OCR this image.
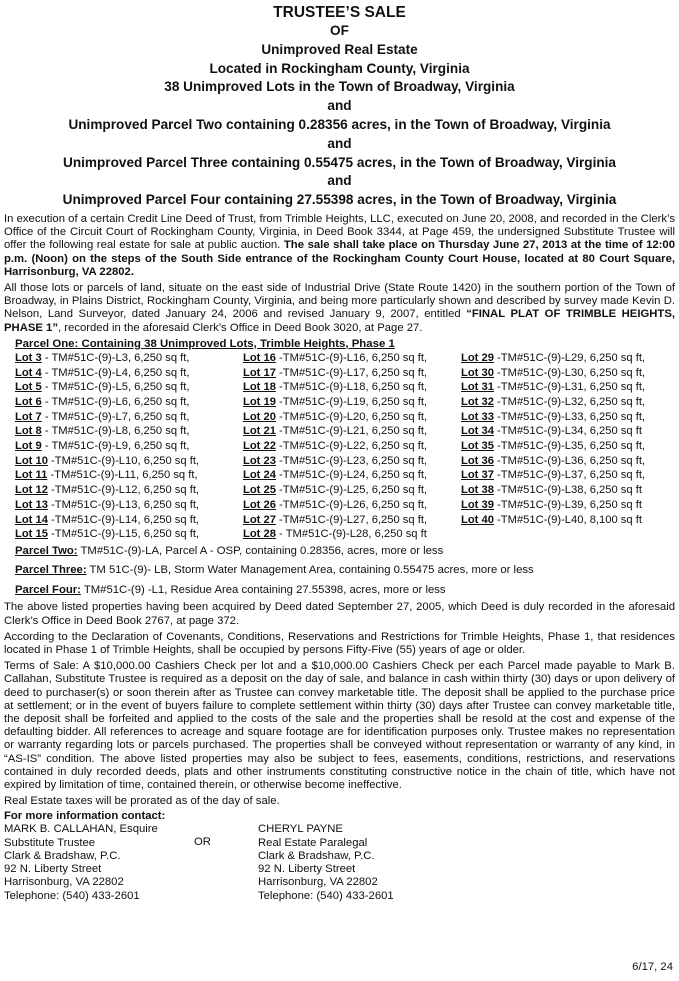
TRUSTEE’S SALE
OF
Unimproved Real Estate
Located in Rockingham County, Virginia
38 Unimproved Lots in the Town of Broadway, Virginia
and
Unimproved Parcel Two containing 0.28356 acres, in the Town of Broadway, Virginia
and
Unimproved Parcel Three containing 0.55475 acres, in the Town of Broadway, Virginia
and
Unimproved Parcel Four containing 27.55398 acres, in the Town of Broadway, Virginia

In execution of a certain Credit Line Deed of Trust, from Trimble Heights, LLC, executed on June 20, 2008, and recorded in the Clerk’s Office of the Circuit Court of Rockingham County, Virginia, in Deed Book 3344, at Page 459, the undersigned Substitute Trustee will offer the following real estate for sale at public auction. The sale shall take place on Thursday June 27, 2013 at the time of 12:00 p.m. (Noon) on the steps of the South Side entrance of the Rockingham County Court House, located at 80 Court Square, Harrisonburg, VA 22802.

All those lots or parcels of land, situate on the east side of Industrial Drive (State Route 1420) in the southern portion of the Town of Broadway, in Plains District, Rockingham County, Virginia, and being more particularly shown and described by survey made Kevin D. Nelson, Land Surveyor, dated January 24, 2006 and revised January 9, 2007, entitled “FINAL PLAT OF TRIMBLE HEIGHTS, PHASE 1”, recorded in the aforesaid Clerk’s Office in Deed Book 3020, at Page 27.

Parcel One: Containing 38 Unimproved Lots, Trimble Heights, Phase 1
Lot 3 - TM#51C-(9)-L3, 6,250 sq ft,	Lot 16 -TM#51C-(9)-L16, 6,250 sq ft,	Lot 29 -TM#51C-(9)-L29, 6,250 sq ft,
Lot 4 - TM#51C-(9)-L4, 6,250 sq ft,	Lot 17 -TM#51C-(9)-L17, 6,250 sq ft,	Lot 30 -TM#51C-(9)-L30, 6,250 sq ft,
Lot 5 - TM#51C-(9)-L5, 6,250 sq ft,	Lot 18 -TM#51C-(9)-L18, 6,250 sq ft,	Lot 31 -TM#51C-(9)-L31, 6,250 sq ft,
Lot 6 - TM#51C-(9)-L6, 6,250 sq ft,	Lot 19 -TM#51C-(9)-L19, 6,250 sq ft,	Lot 32 -TM#51C-(9)-L32, 6,250 sq ft,
Lot 7 - TM#51C-(9)-L7, 6,250 sq ft,	Lot 20 -TM#51C-(9)-L20, 6,250 sq ft,	Lot 33 -TM#51C-(9)-L33, 6,250 sq ft,
Lot 8 - TM#51C-(9)-L8, 6,250 sq ft,	Lot 21 -TM#51C-(9)-L21, 6,250 sq ft,	Lot 34 -TM#51C-(9)-L34, 6,250 sq ft
Lot 9 - TM#51C-(9)-L9, 6,250 sq ft,	Lot 22 -TM#51C-(9)-L22, 6,250 sq ft,	Lot 35 -TM#51C-(9)-L35, 6,250 sq ft,
Lot 10 -TM#51C-(9)-L10, 6,250 sq ft,	Lot 23 -TM#51C-(9)-L23, 6,250 sq ft,	Lot 36 -TM#51C-(9)-L36, 6,250 sq ft,
Lot 11 -TM#51C-(9)-L11, 6,250 sq ft,	Lot 24 -TM#51C-(9)-L24, 6,250 sq ft,	Lot 37 -TM#51C-(9)-L37, 6,250 sq ft,
Lot 12 -TM#51C-(9)-L12, 6,250 sq ft,	Lot 25 -TM#51C-(9)-L25, 6,250 sq ft,	Lot 38 -TM#51C-(9)-L38, 6,250 sq ft
Lot 13 -TM#51C-(9)-L13, 6,250 sq ft,	Lot 26 -TM#51C-(9)-L26, 6,250 sq ft,	Lot 39 -TM#51C-(9)-L39, 6,250 sq ft
Lot 14 -TM#51C-(9)-L14, 6,250 sq ft,	Lot 27 -TM#51C-(9)-L27, 6,250 sq ft,	Lot 40 -TM#51C-(9)-L40, 8,100 sq ft
Lot 15 -TM#51C-(9)-L15, 6,250 sq ft,	Lot 28 - TM#51C-(9)-L28, 6,250 sq ft
Parcel Two: TM#51C-(9)-LA, Parcel A - OSP, containing 0.28356, acres, more or less
Parcel Three: TM 51C-(9)- LB, Storm Water Management Area, containing 0.55475 acres, more or less
Parcel Four: TM#51C-(9) -L1, Residue Area containing 27.55398, acres, more or less

The above listed properties having been acquired by Deed dated September 27, 2005, which Deed is duly recorded in the aforesaid Clerk’s Office in Deed Book 2767, at page 372.

According to the Declaration of Covenants, Conditions, Reservations and Restrictions for Trimble Heights, Phase 1, that residences located in Phase 1 of Trimble Heights, shall be occupied by persons Fifty-Five (55) years of age or older.

Terms of Sale: A $10,000.00 Cashiers Check per lot and a $10,000.00 Cashiers Check per each Parcel made payable to Mark B. Callahan, Substitute Trustee is required as a deposit on the day of sale, and balance in cash within thirty (30) days or upon delivery of deed to purchaser(s) or soon therein after as Trustee can convey marketable title. The deposit shall be applied to the purchase price at settlement; or in the event of buyers failure to complete settlement within thirty (30) days after Trustee can convey marketable title, the deposit shall be forfeited and applied to the costs of the sale and the properties shall be resold at the cost and expense of the defaulting bidder. All references to acreage and square footage are for identification purposes only. Trustee makes no representation or warranty regarding lots or parcels purchased. The properties shall be conveyed without representation or warranty of any kind, in “AS-IS” condition. The above listed properties may also be subject to fees, easements, conditions, restrictions, and reservations contained in duly recorded deeds, plats and other instruments constituting constructive notice in the chain of title, which have not expired by limitation of time, contained therein, or otherwise become ineffective.

Real Estate taxes will be prorated as of the day of sale.

For more information contact:
MARK B. CALLAHAN, Esquire
Substitute Trustee
Clark & Bradshaw, P.C.
92 N. Liberty Street
Harrisonburg, VA 22802
Telephone: (540) 433-2601
OR
CHERYL PAYNE
Real Estate Paralegal
Clark & Bradshaw, P.C.
92 N. Liberty Street
Harrisonburg, VA 22802
Telephone: (540) 433-2601
6/17, 24
